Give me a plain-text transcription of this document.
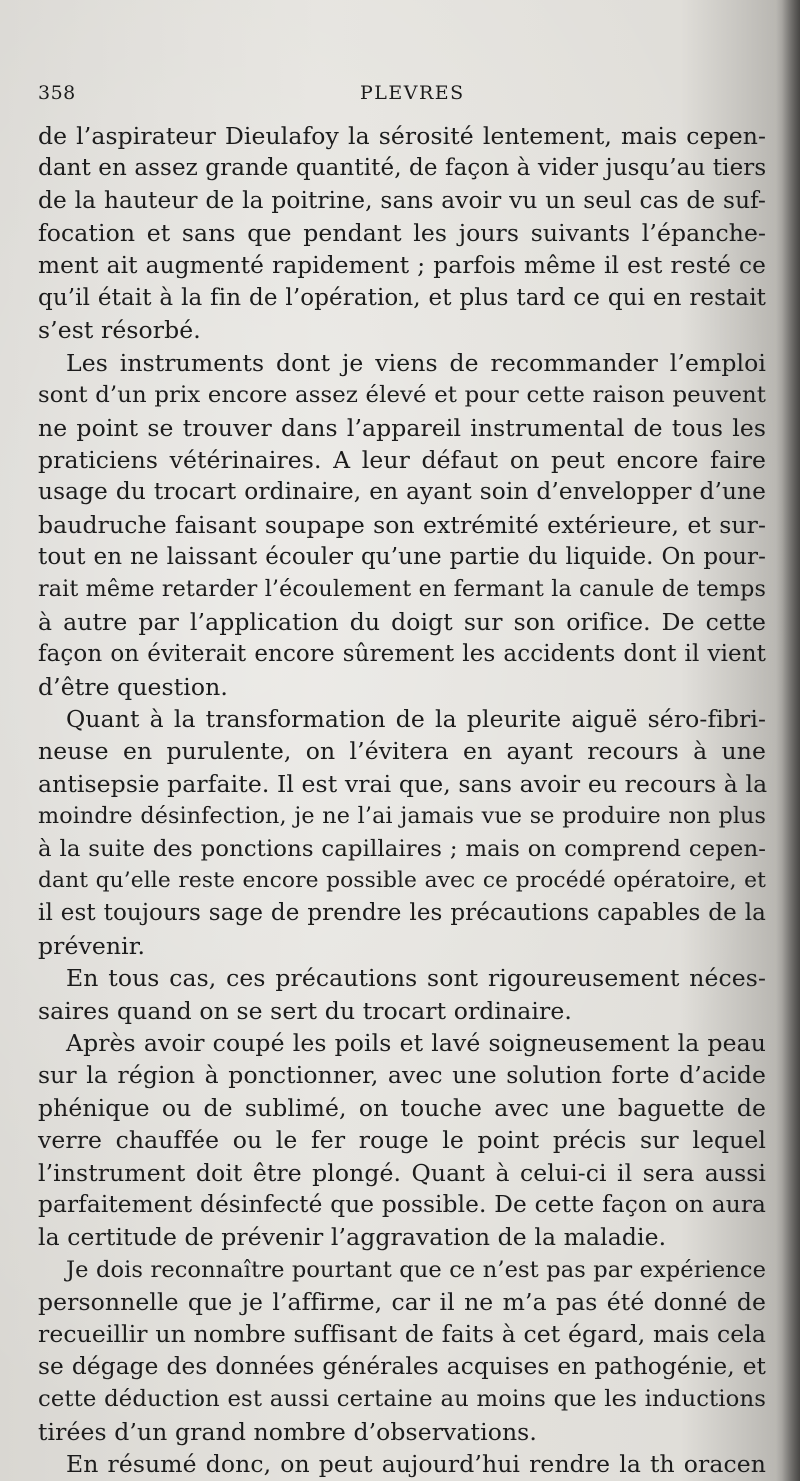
358	PLEVRES
de l’aspirateur Dieulafoy la sérosité lentement, mais cepen-
dant en assez grande quantité, de façon à vider jusqu’au tiers
de la hauteur de la poitrine, sans avoir vu un seul cas de suf-
focation et sans que pendant les jours suivants l’épanche-
ment ait augmenté rapidement ; parfois même il est resté ce
qu’il était à la fin de l’opération, et plus tard ce qui en restait
s’est résorbé.
Les instruments dont je viens de recommander l’emploi
sont d’un prix encore assez élevé et pour cette raison peuvent
ne point se trouver dans l’appareil instrumental de tous les
praticiens vétérinaires. A leur défaut on peut encore faire
usage du trocart ordinaire, en ayant soin d’envelopper d’une
baudruche faisant soupape son extrémité extérieure, et sur-
tout en ne laissant écouler qu’une partie du liquide. On pour-
rait même retarder l’écoulement en fermant la canule de temps
à autre par l’application du doigt sur son orifice. De cette
façon on éviterait encore sûrement les accidents dont il vient
d’être question.
Quant à la transformation de la pleurite aiguë séro-fibri-
neuse en purulente, on l’évitera en ayant recours à une
antisepsie parfaite. Il est vrai que, sans avoir eu recours à la
moindre désinfection, je ne l’ai jamais vue se produire non plus
à la suite des ponctions capillaires ; mais on comprend cepen-
dant qu’elle reste encore possible avec ce procédé opératoire, et
il est toujours sage de prendre les précautions capables de la
prévenir.
En tous cas, ces précautions sont rigoureusement néces-
saires quand on se sert du trocart ordinaire.
Après avoir coupé les poils et lavé soigneusement la peau
sur la région à ponctionner, avec une solution forte d’acide
phénique ou de sublimé, on touche avec une baguette de
verre chauffée ou le fer rouge le point précis sur lequel
l’instrument doit être plongé. Quant à celui-ci il sera aussi
parfaitement désinfecté que possible. De cette façon on aura
la certitude de prévenir l’aggravation de la maladie.
Je dois reconnaître pourtant que ce n’est pas par expérience
personnelle que je l’affirme, car il ne m’a pas été donné de
recueillir un nombre suffisant de faits à cet égard, mais cela
se dégage des données générales acquises en pathogénie, et
cette déduction est aussi certaine au moins que les inductions
tirées d’un grand nombre d’observations.
En résumé donc, on peut aujourd’hui rendre la th oracen
